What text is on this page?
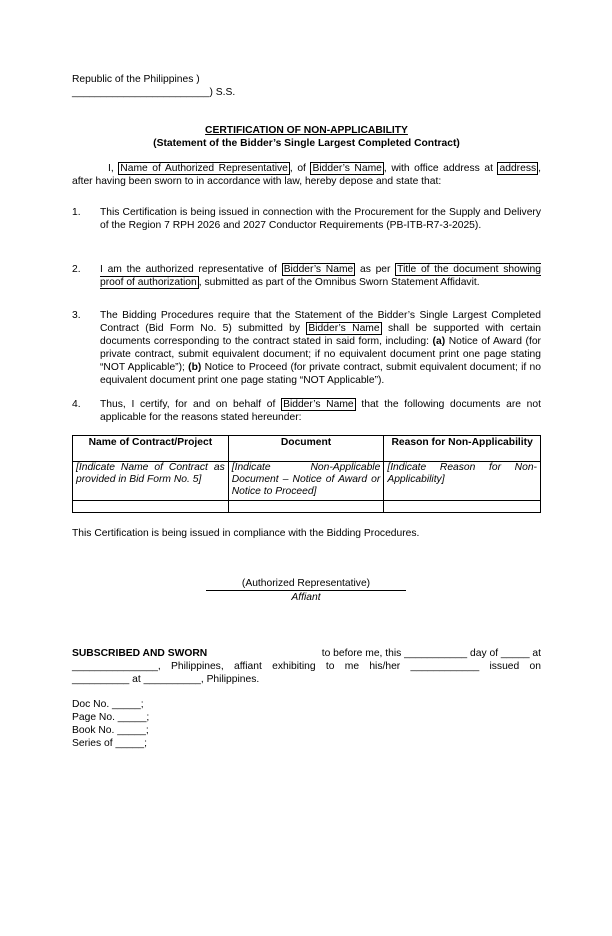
Republic of the Philippines )
________________________) S.S.
CERTIFICATION OF NON-APPLICABILITY
(Statement of the Bidder’s Single Largest Completed Contract)
I, Name of Authorized Representative , of Bidder’s Name , with office address at address , after having been sworn to in accordance with law, hereby depose and state that:
1. This Certification is being issued in connection with the Procurement for the Supply and Delivery of the Region 7 RPH 2026 and 2027 Conductor Requirements (PB-ITB-R7-3-2025).
2. I am the authorized representative of Bidder’s Name as per Title of the document showing proof of authorization , submitted as part of the Omnibus Sworn Statement Affidavit.
3. The Bidding Procedures require that the Statement of the Bidder’s Single Largest Completed Contract (Bid Form No. 5) submitted by Bidder’s Name shall be supported with certain documents corresponding to the contract stated in said form, including: (a) Notice of Award (for private contract, submit equivalent document; if no equivalent document print one page stating “NOT Applicable”); (b) Notice to Proceed (for private contract, submit equivalent document; if no equivalent document print one page stating “NOT Applicable”).
4. Thus, I certify, for and on behalf of Bidder’s Name that the following documents are not applicable for the reasons stated hereunder:
Name of Contract/Project	Document	Reason for Non-Applicability
[Indicate Name of Contract as provided in Bid Form No. 5]	[Indicate Non-Applicable Document – Notice of Award or Notice to Proceed]	[Indicate Reason for Non-Applicability]

This Certification is being issued in compliance with the Bidding Procedures.
(Authorized Representative)
Affiant
SUBSCRIBED AND SWORN	to before me, this ___________ day of _____ at
_______________, Philippines, affiant exhibiting to me his/her ____________ issued on
__________ at __________, Philippines.
Doc No. _____;
Page No. _____;
Book No. _____;
Series of _____;
